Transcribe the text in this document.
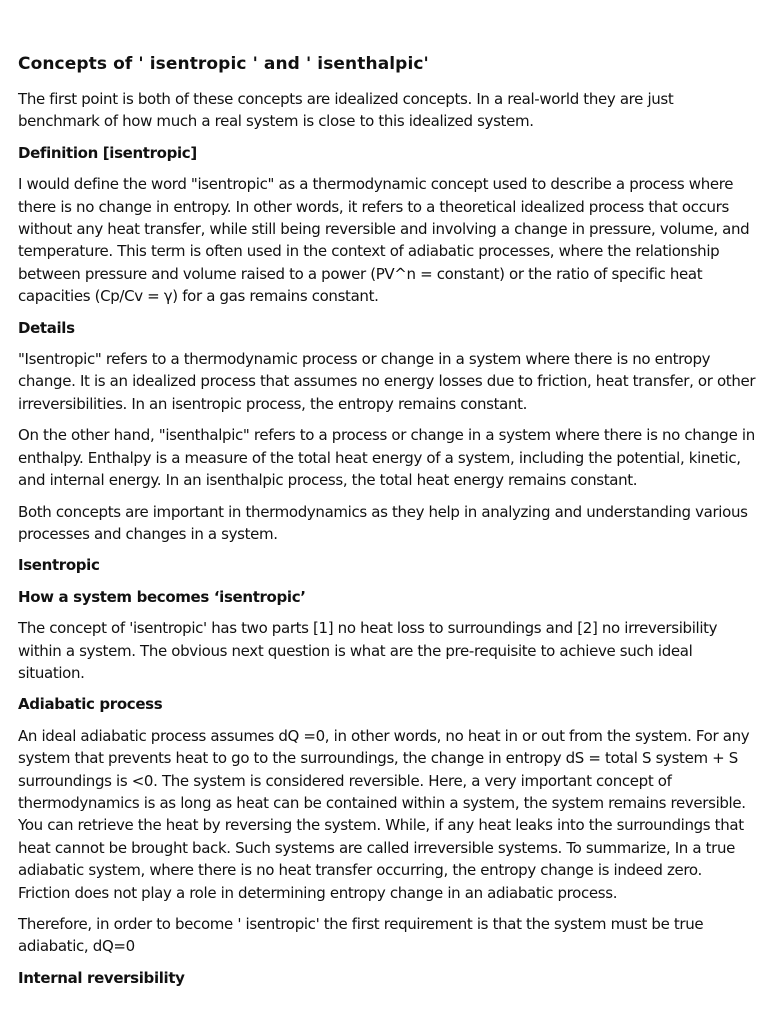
Concepts of ' isentropic ' and ' isenthalpic'

The first point is both of these concepts are idealized concepts. In a real-world they are just benchmark of how much a real system is close to this idealized system.

Definition [isentropic]

I would define the word "isentropic" as a thermodynamic concept used to describe a process where there is no change in entropy. In other words, it refers to a theoretical idealized process that occurs without any heat transfer, while still being reversible and involving a change in pressure, volume, and temperature. This term is often used in the context of adiabatic processes, where the relationship between pressure and volume raised to a power (PV^n = constant) or the ratio of specific heat capacities (Cp/Cv = γ) for a gas remains constant.

Details

"Isentropic" refers to a thermodynamic process or change in a system where there is no entropy change. It is an idealized process that assumes no energy losses due to friction, heat transfer, or other irreversibilities. In an isentropic process, the entropy remains constant.

On the other hand, "isenthalpic" refers to a process or change in a system where there is no change in enthalpy. Enthalpy is a measure of the total heat energy of a system, including the potential, kinetic, and internal energy. In an isenthalpic process, the total heat energy remains constant.

Both concepts are important in thermodynamics as they help in analyzing and understanding various processes and changes in a system.

Isentropic

How a system becomes ‘isentropic’

The concept of 'isentropic' has two parts [1] no heat loss to surroundings and [2] no irreversibility within a system. The obvious next question is what are the pre-requisite to achieve such ideal situation.

Adiabatic process

An ideal adiabatic process assumes dQ =0, in other words, no heat in or out from the system. For any system that prevents heat to go to the surroundings, the change in entropy dS = total S system + S surroundings is <0. The system is considered reversible. Here, a very important concept of thermodynamics is as long as heat can be contained within a system, the system remains reversible. You can retrieve the heat by reversing the system. While, if any heat leaks into the surroundings that heat cannot be brought back. Such systems are called irreversible systems. To summarize, In a true adiabatic system, where there is no heat transfer occurring, the entropy change is indeed zero. Friction does not play a role in determining entropy change in an adiabatic process.

Therefore, in order to become ' isentropic' the first requirement is that the system must be true adiabatic, dQ=0

Internal reversibility
